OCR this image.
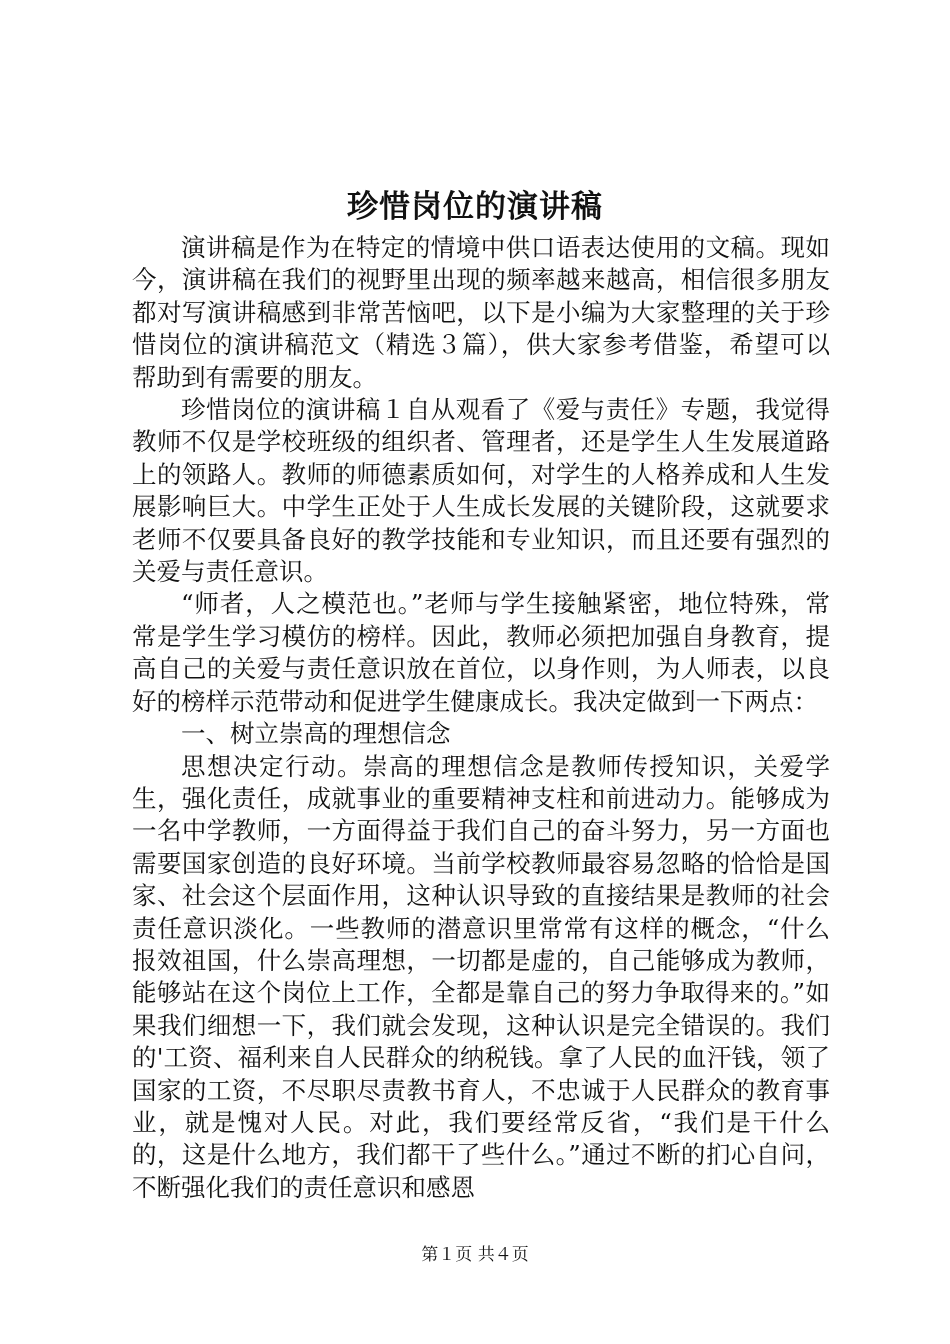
珍惜岗位的演讲稿

演讲稿是作为在特定的情境中供口语表达使用的文稿。现如今，演讲稿在我们的视野里出现的频率越来越高，相信很多朋友都对写演讲稿感到非常苦恼吧，以下是小编为大家整理的关于珍惜岗位的演讲稿范文（精选３篇），供大家参考借鉴，希望可以帮助到有需要的朋友。

珍惜岗位的演讲稿１自从观看了《爱与责任》专题，我觉得教师不仅是学校班级的组织者、管理者，还是学生人生发展道路上的领路人。教师的师德素质如何，对学生的人格养成和人生发展影响巨大。中学生正处于人生成长发展的关键阶段，这就要求老师不仅要具备良好的教学技能和专业知识，而且还要有强烈的关爱与责任意识。

“师者，人之模范也。”老师与学生接触紧密，地位特殊，常常是学生学习模仿的榜样。因此，教师必须把加强自身教育，提高自己的关爱与责任意识放在首位，以身作则，为人师表，以良好的榜样示范带动和促进学生健康成长。我决定做到一下两点：

一、树立崇高的理想信念

思想决定行动。崇高的理想信念是教师传授知识，关爱学生，强化责任，成就事业的重要精神支柱和前进动力。能够成为一名中学教师，一方面得益于我们自己的奋斗努力，另一方面也需要国家创造的良好环境。当前学校教师最容易忽略的恰恰是国家、社会这个层面作用，这种认识导致的直接结果是教师的社会责任意识淡化。一些教师的潜意识里常常有这样的概念，“什么报效祖国，什么崇高理想，一切都是虚的，自己能够成为教师，能够站在这个岗位上工作，全都是靠自己的努力争取得来的。”如果我们细想一下，我们就会发现，这种认识是完全错误的。我们的'工资、福利来自人民群众的纳税钱。拿了人民的血汗钱，领了国家的工资，不尽职尽责教书育人，不忠诚于人民群众的教育事业，就是愧对人民。对此，我们要经常反省，“我们是干什么的，这是什么地方，我们都干了些什么。”通过不断的扪心自问，不断强化我们的责任意识和感恩

第１页 共４页
